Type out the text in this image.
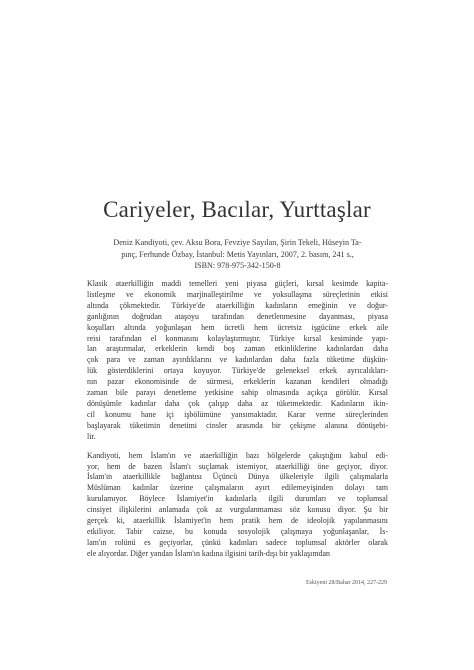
Cariyeler, Bacılar, Yurttaşlar
Deniz Kandiyoti, çev. Aksu Bora, Fevziye Sayılan, Şirin Tekeli, Hüseyin Ta-
pınç, Ferhunde Özbay, İstanbul: Metis Yayınları, 2007, 2. basım, 241 s.,
ISBN: 978-975-342-150-8
Klasik ataerkilliğin maddi temelleri yeni piyasa güçleri, kırsal kesimde kapita-
listleşme ve ekonomik marjinalleştirilme ve yoksullaşma süreçlerinin etkisi
altında çökmektedir. Türkiye'de ataerkilliğin kadınların emeğinin ve doğur-
ganlığının doğrudan ataşoyu tarafından denetlenmesine dayanması, piyasa
koşulları altında yoğunlaşan hem ücretli hem ücretsiz işgücüne erkek aile
reisi tarafından el konmasını kolaylaştırmıştır. Türkiye kırsal kesiminde yapı-
lan araştırmalar, erkeklerin kendi boş zaman etkinliklerine kadınlardan daha
çok para ve zaman ayırdıklarını ve kadınlardan daha fazla tüketime düşkün-
lük gösterdiklerini ortaya koyuyor. Türkiye'de geleneksel erkek ayrıcalıkları-
nın pazar ekonomisinde de sürmesi, erkeklerin kazanan kendileri olmadığı
zaman bile parayı denetleme yetkisine sahip olmasında açıkça görülür. Kırsal
dönüşümle kadınlar daha çok çalışıp daha az tüketmektedir. Kadınların ikin-
cil konumu hane içi işbölümüne yansımaktadır. Karar verme süreçlerinden
başlayarak tüketimin denetimi cinsler arasında bir çekişme alanına dönüşebi-
lir.
Kandiyoti, hem İslam'ın ve ataerkilliğin bazı bölgelerde çakıştığını kabul edi-
yor, hem de bazen İslam'ı suçlamak istemiyor, ataerkilliği öne geçiyor, diyor.
İslam'ın ataerkillikle bağlantısı Üçüncü Dünya ülkeleriyle ilgili çalışmalarla
Müslüman kadınlar üzerine çalışmaların ayırt edilemeyişinden dolayı tam
kurulamıyor. Böylece İslamiyet'in kadınlarla ilgili durumları ve toplumsal
cinsiyet ilişkilerini anlamada çok az vurgulanmaması söz konusu diyor. Şu bir
gerçek ki, ataerkillik İslamiyet'in hem pratik hem de ideolojik yapılanmasını
etkiliyor. Tabir caizse, bu konuda sosyolojik çalışmaya yoğunlaşanlar, İs-
lam'ın rolünü es geçiyorlar, çünkü kadınları sadece toplumsal aktörler olarak
ele alıyordar. Diğer yandan İslam'ın kadına ilgisini tarih-dışı bir yaklaşımdan
Eskiyeni 28/Bahar 2014, 227-229
